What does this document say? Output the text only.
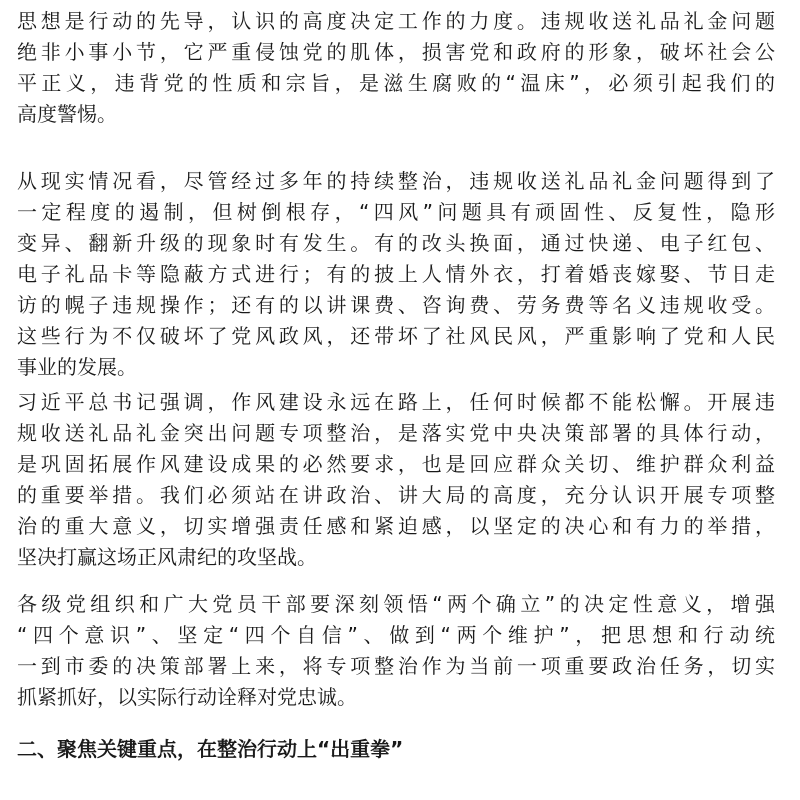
思想是行动的先导，认识的高度决定工作的力度。违规收送礼品礼金问题
绝非小事小节，它严重侵蚀党的肌体，损害党和政府的形象，破坏社会公
平正义，违背党的性质和宗旨，是滋生腐败的“温床”，必须引起我们的
高度警惕。
从现实情况看，尽管经过多年的持续整治，违规收送礼品礼金问题得到了
一定程度的遏制，但树倒根存，“四风”问题具有顽固性、反复性，隐形
变异、翻新升级的现象时有发生。有的改头换面，通过快递、电子红包、
电子礼品卡等隐蔽方式进行；有的披上人情外衣，打着婚丧嫁娶、节日走
访的幌子违规操作；还有的以讲课费、咨询费、劳务费等名义违规收受。
这些行为不仅破坏了党风政风，还带坏了社风民风，严重影响了党和人民
事业的发展。
习近平总书记强调，作风建设永远在路上，任何时候都不能松懈。开展违
规收送礼品礼金突出问题专项整治，是落实党中央决策部署的具体行动，
是巩固拓展作风建设成果的必然要求，也是回应群众关切、维护群众利益
的重要举措。我们必须站在讲政治、讲大局的高度，充分认识开展专项整
治的重大意义，切实增强责任感和紧迫感，以坚定的决心和有力的举措，
坚决打赢这场正风肃纪的攻坚战。
各级党组织和广大党员干部要深刻领悟“两个确立”的决定性意义，增强
“四个意识”、坚定“四个自信”、做到“两个维护”，把思想和行动统
一到市委的决策部署上来，将专项整治作为当前一项重要政治任务，切实
抓紧抓好，以实际行动诠释对党忠诚。
二、聚焦关键重点，在整治行动上“出重拳”
